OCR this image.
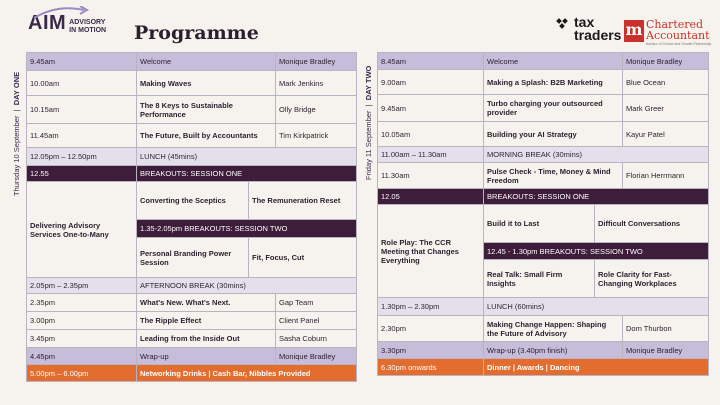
AIM ADVISORY
IN MOTION Programme	tax
traders m Chartered
Accountant
Advisor of Choice and Growth Partnership
Thursday 10 September  |  DAY ONE
Friday 11 September  |  DAY TWO
9.45am	Welcome		Monique Bradley
10.00am	Making Waves		Mark Jenkins
10.15am	The 8 Keys to Sustainable Performance		Olly Bridge
11.45am	The Future, Built by Accountants		Tim Kirkpatrick
12.05pm – 12.50pm	LUNCH (45mins)		
12.55	BREAKOUTS: SESSION ONE		
Delivering Advisory Services One-to-Many	Converting the Sceptics	The Remuneration Reset	
	1.35-2.05pm BREAKOUTS: SESSION TWO		
	Personal Branding Power Session	Fit, Focus, Cut	
2.05pm – 2.35pm	AFTERNOON BREAK (30mins)		
2.35pm	What's New. What's Next.		Gap Team
3.00pm	The Ripple Effect		Client Panel
3.45pm	Leading from the Inside Out		Sasha Coburn
4.45pm	Wrap-up		Monique Bradley
5.00pm – 6.00pm	Networking Drinks | Cash Bar, Nibbles Provided		
8.45am	Welcome		Monique Bradley
9.00am	Making a Splash: B2B Marketing		Blue Ocean
9.45am	Turbo charging your outsourced provider		Mark Greer
10.05am	Building your AI Strategy		Kayur Patel
11.00am – 11.30am	MORNING BREAK (30mins)		
11.30am	Pulse Check - Time, Money & Mind Freedom		Florian Herrmann
12.05	BREAKOUTS: SESSION ONE		
Role Play: The CCR Meeting that Changes Everything	Build it to Last	Difficult Conversations	
	12.45 - 1.30pm BREAKOUTS: SESSION TWO		
	Real Talk: Small Firm Insights	Role Clarity for Fast-Changing Workplaces	
1.30pm – 2.30pm	LUNCH (60mins)		
2.30pm	Making Change Happen: Shaping the Future of Advisory		Dom Thurbon
3.30pm	Wrap-up (3.40pm finish)		Monique Bradley
6.30pm onwards	Dinner | Awards | Dancing		
